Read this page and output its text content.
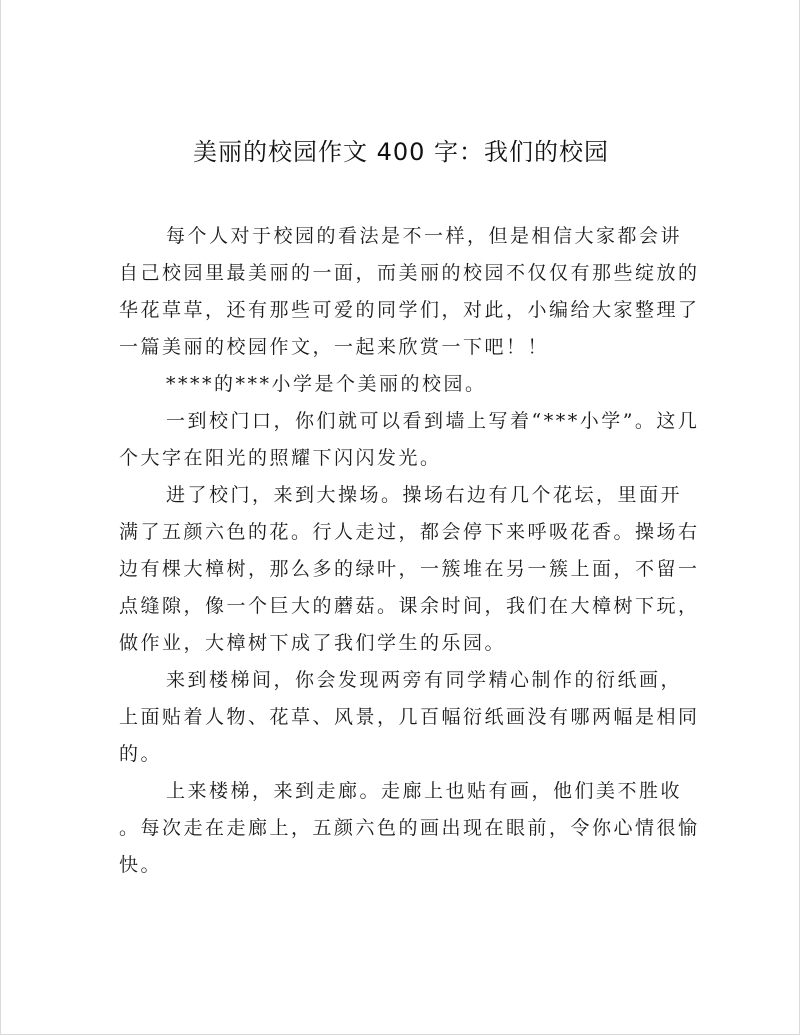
美丽的校园作文 400 字：我们的校园

每个人对于校园的看法是不一样，但是相信大家都会讲

自己校园里最美丽的一面，而美丽的校园不仅仅有那些绽放的

华花草草，还有那些可爱的同学们，对此，小编给大家整理了

一篇美丽的校园作文，一起来欣赏一下吧！！

****的***小学是个美丽的校园。

一到校门口，你们就可以看到墙上写着“***小学”。这几

个大字在阳光的照耀下闪闪发光。

进了校门，来到大操场。操场右边有几个花坛，里面开

满了五颜六色的花。行人走过，都会停下来呼吸花香。操场右

边有棵大樟树，那么多的绿叶，一簇堆在另一簇上面，不留一

点缝隙，像一个巨大的蘑菇。课余时间，我们在大樟树下玩，

做作业，大樟树下成了我们学生的乐园。

来到楼梯间，你会发现两旁有同学精心制作的衍纸画，

上面贴着人物、花草、风景，几百幅衍纸画没有哪两幅是相同

的。

上来楼梯，来到走廊。走廊上也贴有画，他们美不胜收

。每次走在走廊上，五颜六色的画出现在眼前，令你心情很愉

快。
